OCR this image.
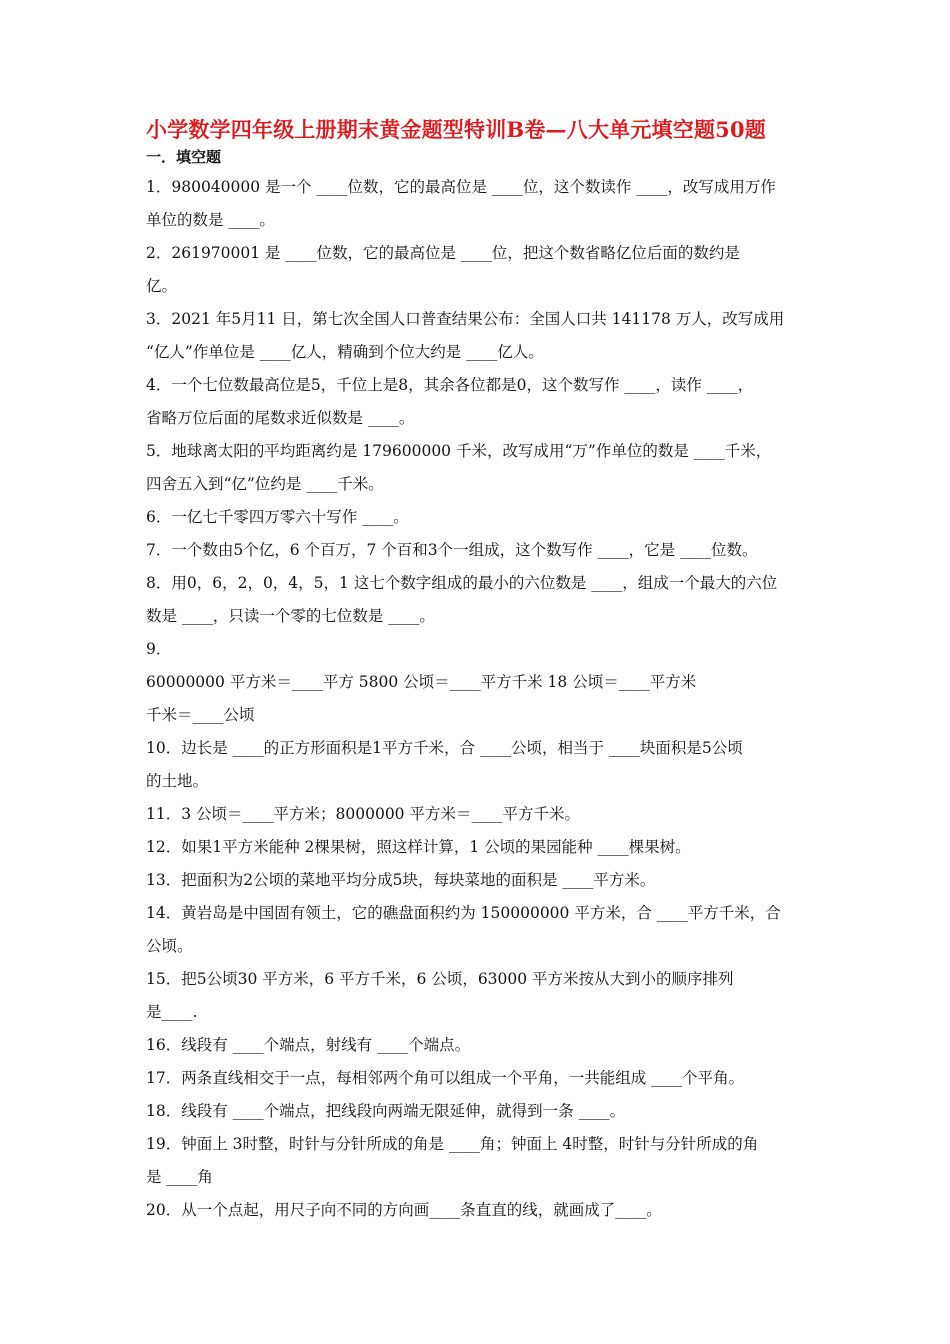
小学数学四年级上册期末黄金题型特训B卷—八大单元填空题50题
一．填空题
1．980040000 是一个 ____位数，它的最高位是 ____位，这个数读作 ____，改写成用万作
单位的数是 ____。
2．261970001 是 ____位数，它的最高位是 ____位，把这个数省略亿位后面的数约是
亿。
3．2021 年5月11 日，第七次全国人口普查结果公布：全国人口共 141178 万人，改写成用
“亿人”作单位是 ____亿人，精确到个位大约是 ____亿人。
4．一个七位数最高位是5，千位上是8，其余各位都是0，这个数写作 ____，读作 ____，
省略万位后面的尾数求近似数是 ____。
5．地球离太阳的平均距离约是 179600000 千米，改写成用“万”作单位的数是 ____千米，
四舍五入到“亿”位约是 ____千米。
6．一亿七千零四万零六十写作 ____。
7．一个数由5个亿，6 个百万，7 个百和3个一组成，这个数写作 ____，它是 ____位数。
8．用0，6，2，0，4，5，1 这七个数字组成的最小的六位数是 ____，组成一个最大的六位
数是 ____，只读一个零的七位数是 ____。
9．
60000000 平方米＝____平方 5800 公顷＝____平方千米 18 公顷＝____平方米
千米＝____公顷
10．边长是 ____的正方形面积是1平方千米，合 ____公顷，相当于 ____块面积是5公顷
的土地。
11．3 公顷＝____平方米；8000000 平方米＝____平方千米。
12．如果1平方米能种 2棵果树，照这样计算，1 公顷的果园能种 ____棵果树。
13．把面积为2公顷的菜地平均分成5块，每块菜地的面积是 ____平方米。
14．黄岩岛是中国固有领土，它的礁盘面积约为 150000000 平方米，合 ____平方千米，合
公顷。
15．把5公顷30 平方米，6 平方千米，6 公顷，63000 平方米按从大到小的顺序排列
是____.
16．线段有 ____个端点，射线有 ____个端点。
17．两条直线相交于一点，每相邻两个角可以组成一个平角，一共能组成 ____个平角。
18．线段有 ____个端点，把线段向两端无限延伸，就得到一条 ____。
19．钟面上 3时整，时针与分针所成的角是 ____角；钟面上 4时整，时针与分针所成的角
是 ____角
20．从一个点起，用尺子向不同的方向画____条直直的线，就画成了____。
